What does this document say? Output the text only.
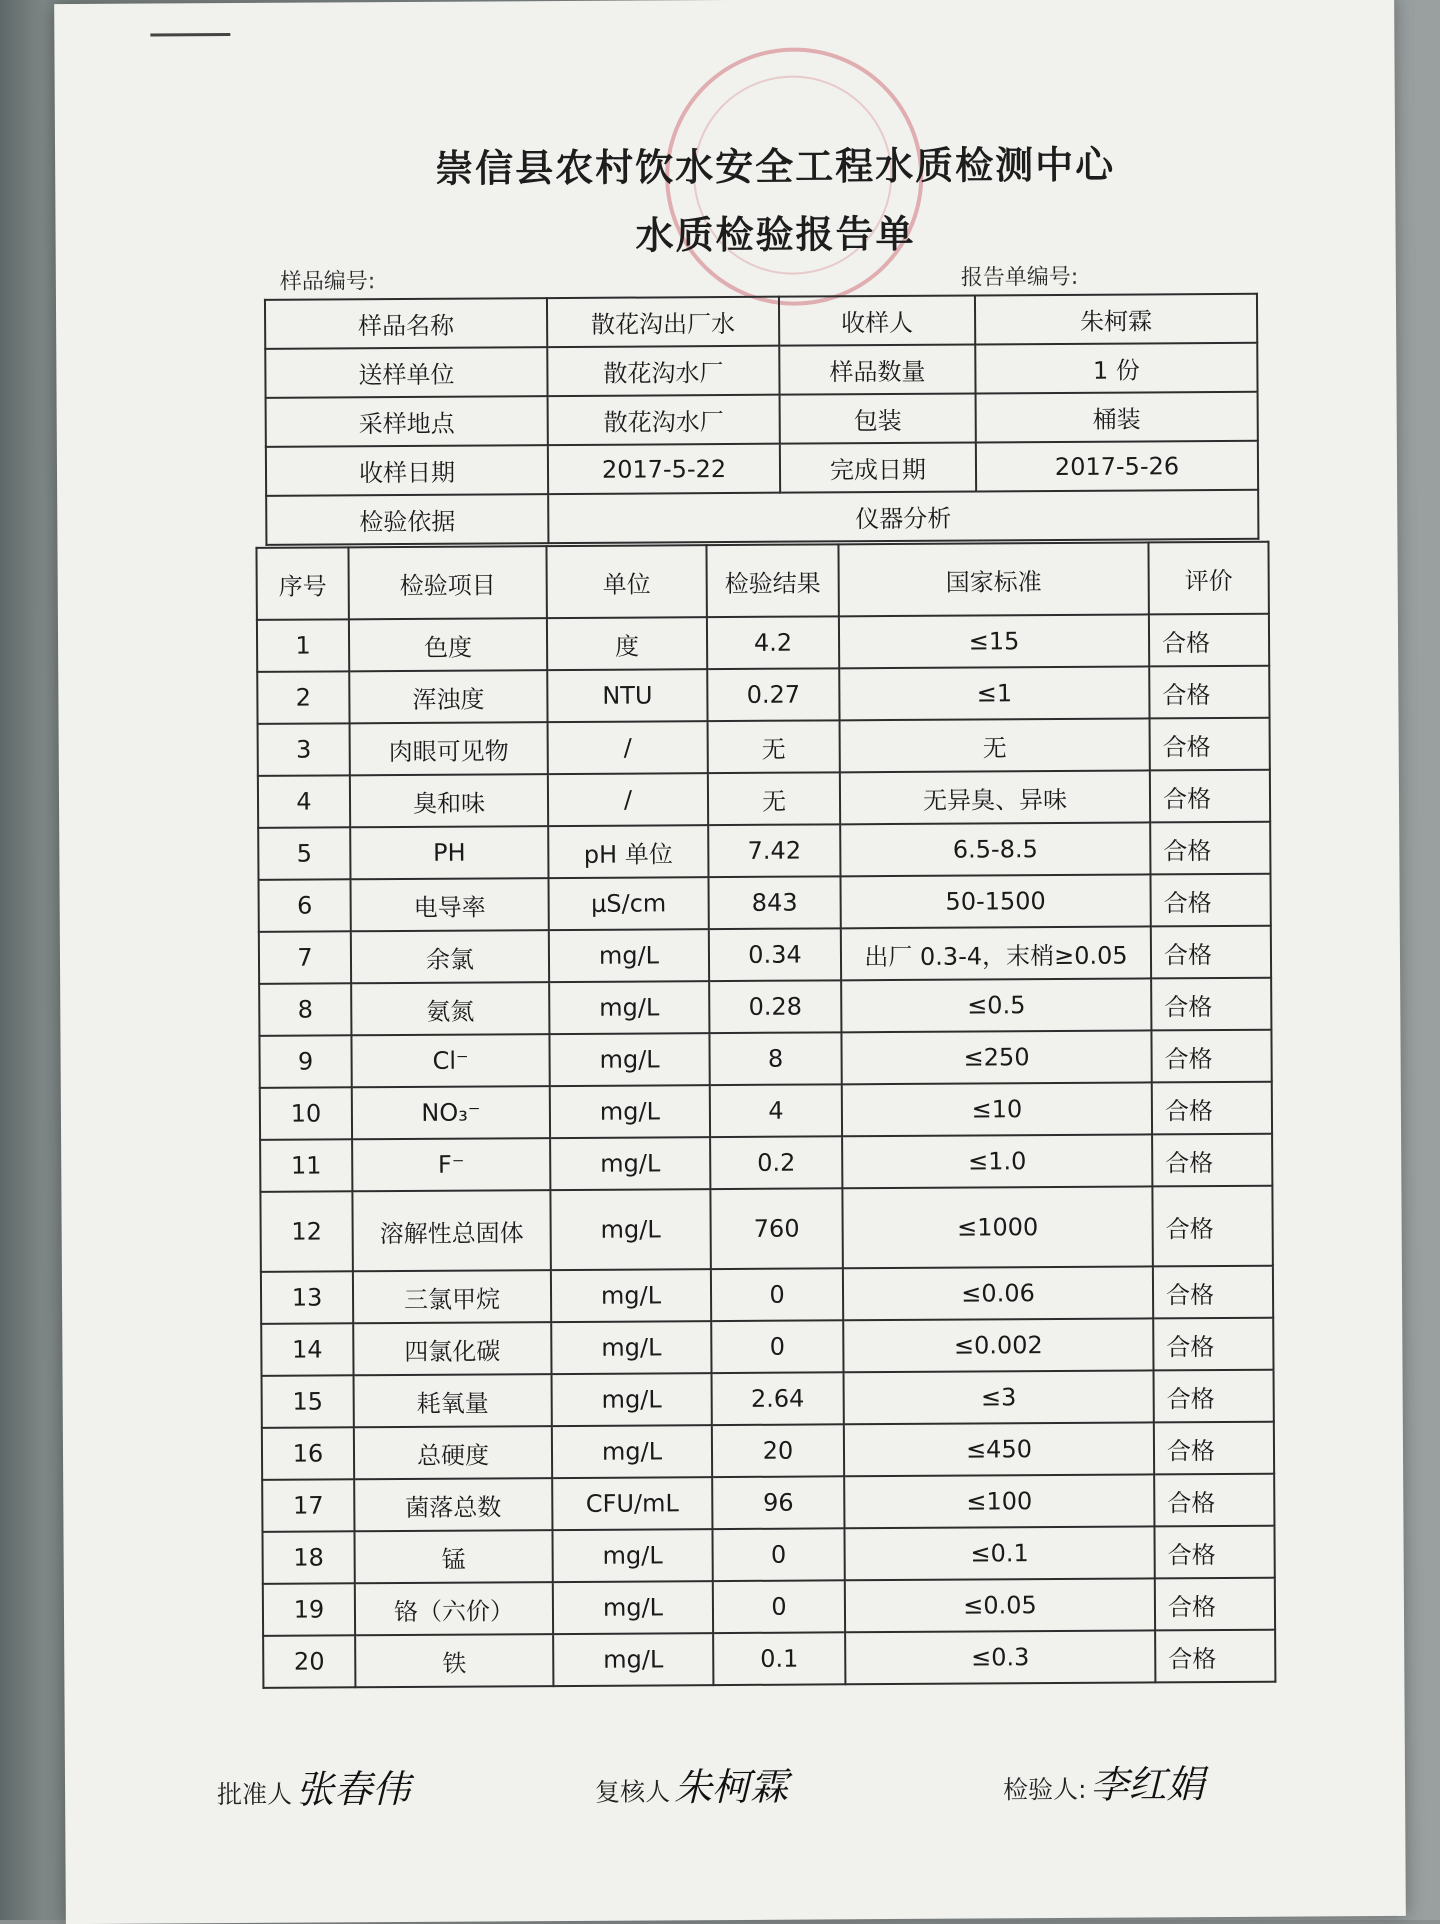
崇信县农村饮水安全工程水质检测中心
水质检验报告单
样品编号:	报告单编号:
样品名称	散花沟出厂水	收样人	朱柯霖
送样单位	散花沟水厂	样品数量	1 份
采样地点	散花沟水厂	包装	桶装
收样日期	2017-5-22	完成日期	2017-5-26
检验依据	仪器分析		
序号	检验项目	单位	检验结果	国家标准	评价
1	色度	度	4.2	≤15	合格
2	浑浊度	NTU	0.27	≤1	合格
3	肉眼可见物	/	无	无	合格
4	臭和味	/	无	无异臭、异味	合格
5	PH	pH 单位	7.42	6.5-8.5	合格
6	电导率	μS/cm	843	50-1500	合格
7	余氯	mg/L	0.34	出厂 0.3-4，末梢≥0.05	合格
8	氨氮	mg/L	0.28	≤0.5	合格
9	Cl⁻	mg/L	8	≤250	合格
10	NO₃⁻	mg/L	4	≤10	合格
11	F⁻	mg/L	0.2	≤1.0	合格
12	溶解性总固体	mg/L	760	≤1000	合格
13	三氯甲烷	mg/L	0	≤0.06	合格
14	四氯化碳	mg/L	0	≤0.002	合格
15	耗氧量	mg/L	2.64	≤3	合格
16	总硬度	mg/L	20	≤450	合格
17	菌落总数	CFU/mL	96	≤100	合格
18	锰	mg/L	0	≤0.1	合格
19	铬（六价）	mg/L	0	≤0.05	合格
20	铁	mg/L	0.1	≤0.3	合格
批准人张春伟	复核人朱柯霖	检验人:李红娟
